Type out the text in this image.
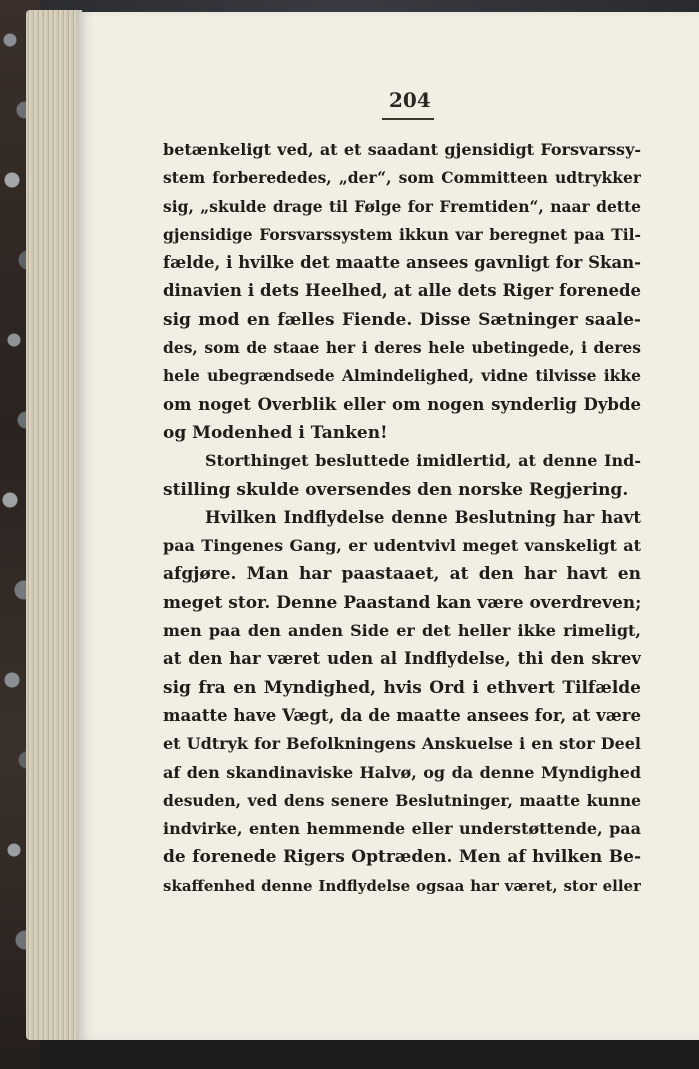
204
betænkeligt ved, at et saadant gjensidigt Forsvarssy-
stem forberededes, „der“, som Committeen udtrykker
sig, „skulde drage til Følge for Fremtiden“, naar dette
gjensidige Forsvarssystem ikkun var beregnet paa Til-
fælde, i hvilke det maatte ansees gavnligt for Skan-
dinavien i dets Heelhed, at alle dets Riger forenede
sig mod en fælles Fiende. Disse Sætninger saale-
des, som de staae her i deres hele ubetingede, i deres
hele ubegrændsede Almindelighed, vidne tilvisse ikke
om noget Overblik eller om nogen synderlig Dybde
og Modenhed i Tanken!
Storthinget besluttede imidlertid, at denne Ind-
stilling skulde oversendes den norske Regjering.
Hvilken Indflydelse denne Beslutning har havt
paa Tingenes Gang, er udentvivl meget vanskeligt at
afgjøre. Man har paastaaet, at den har havt en
meget stor. Denne Paastand kan være overdreven;
men paa den anden Side er det heller ikke rimeligt,
at den har været uden al Indflydelse, thi den skrev
sig fra en Myndighed, hvis Ord i ethvert Tilfælde
maatte have Vægt, da de maatte ansees for, at være
et Udtryk for Befolkningens Anskuelse i en stor Deel
af den skandinaviske Halvø, og da denne Myndighed
desuden, ved dens senere Beslutninger, maatte kunne
indvirke, enten hemmende eller understøttende, paa
de forenede Rigers Optræden. Men af hvilken Be-
skaffenhed denne Indflydelse ogsaa har været, stor eller
